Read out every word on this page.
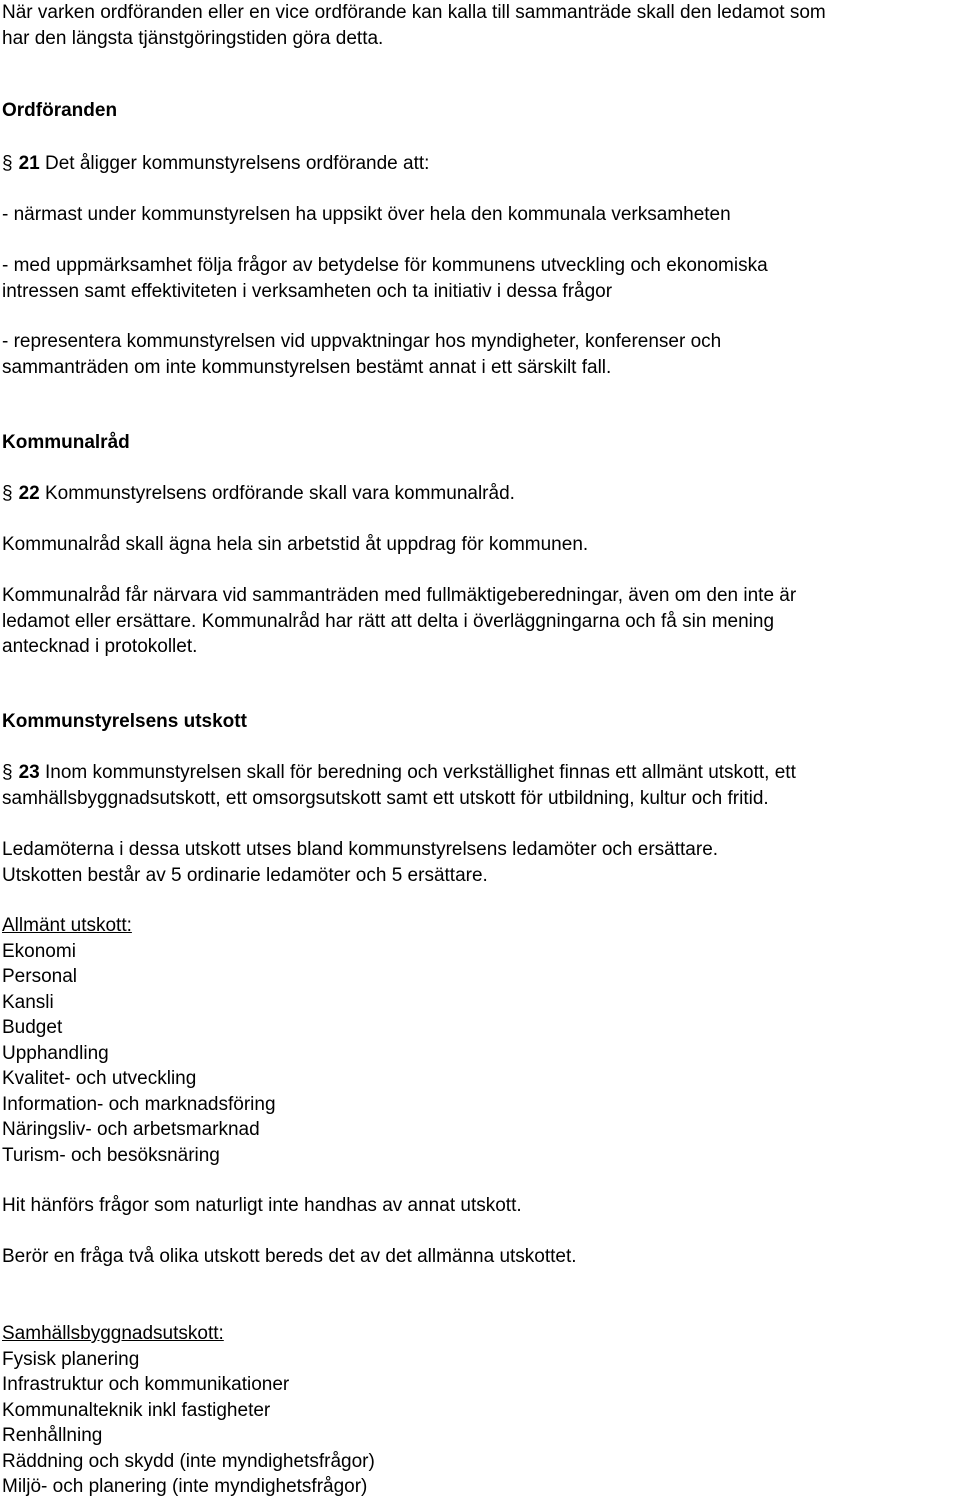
När varken ordföranden eller en vice ordförande kan kalla till sammanträde skall den ledamot som
har den längsta tjänstgöringstiden göra detta.
Ordföranden
§ 21 Det åligger kommunstyrelsens ordförande att:
- närmast under kommunstyrelsen ha uppsikt över hela den kommunala verksamheten
- med uppmärksamhet följa frågor av betydelse för kommunens utveckling och ekonomiska
intressen samt effektiviteten i verksamheten och ta initiativ i dessa frågor
- representera kommunstyrelsen vid uppvaktningar hos myndigheter, konferenser och
sammanträden om inte kommunstyrelsen bestämt annat i ett särskilt fall.
Kommunalråd
§ 22 Kommunstyrelsens ordförande skall vara kommunalråd.
Kommunalråd skall ägna hela sin arbetstid åt uppdrag för kommunen.
Kommunalråd får närvara vid sammanträden med fullmäktigeberedningar, även om den inte är
ledamot eller ersättare. Kommunalråd har rätt att delta i överläggningarna och få sin mening
antecknad i protokollet.
Kommunstyrelsens utskott
§ 23 Inom kommunstyrelsen skall för beredning och verkställighet finnas ett allmänt utskott, ett
samhällsbyggnadsutskott, ett omsorgsutskott samt ett utskott för utbildning, kultur och fritid.
Ledamöterna i dessa utskott utses bland kommunstyrelsens ledamöter och ersättare.
Utskotten består av 5 ordinarie ledamöter och 5 ersättare.
Allmänt utskott:
Ekonomi
Personal
Kansli
Budget
Upphandling
Kvalitet- och utveckling
Information- och marknadsföring
Näringsliv- och arbetsmarknad
Turism- och besöksnäring
Hit hänförs frågor som naturligt inte handhas av annat utskott.
Berör en fråga två olika utskott bereds det av det allmänna utskottet.
Samhällsbyggnadsutskott:
Fysisk planering
Infrastruktur och kommunikationer
Kommunalteknik inkl fastigheter
Renhållning
Räddning och skydd (inte myndighetsfrågor)
Miljö- och planering (inte myndighetsfrågor)
